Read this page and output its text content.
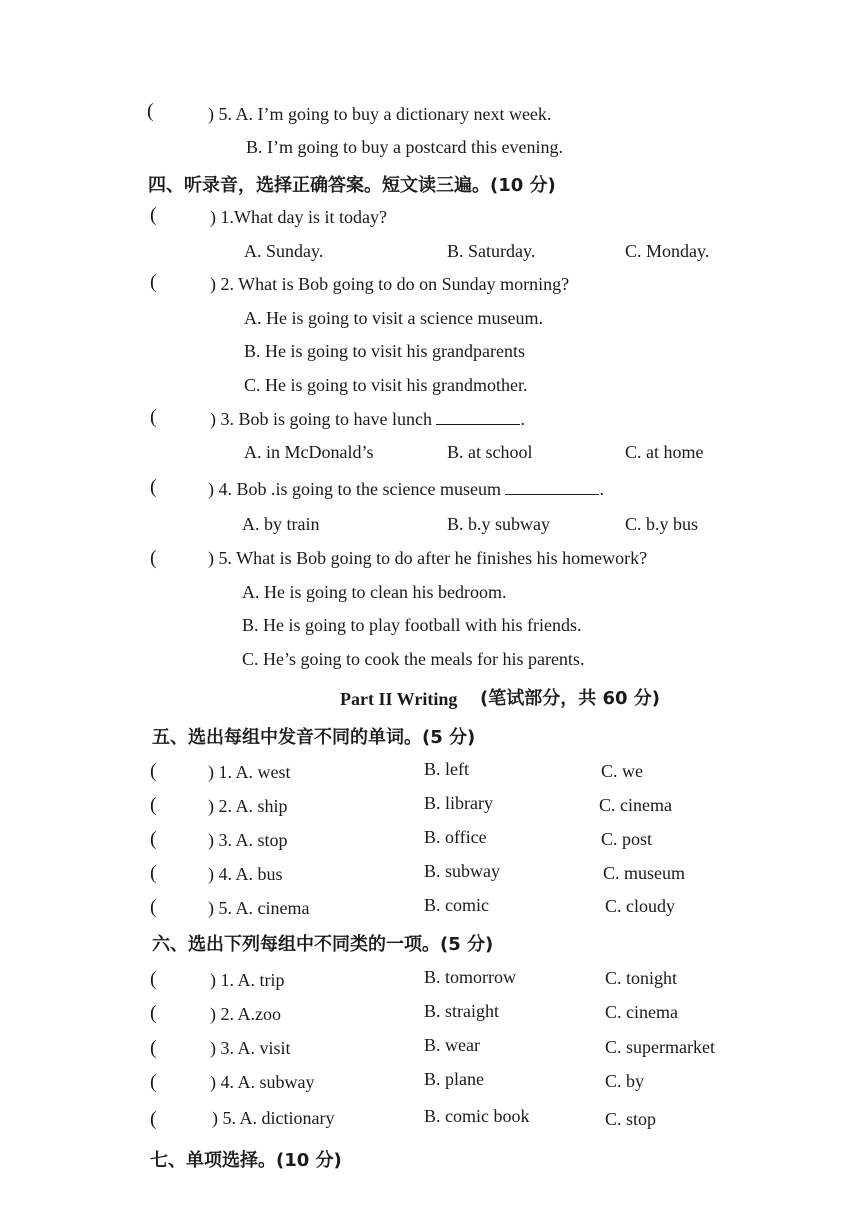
(	) 5. A. I’m going to buy a dictionary next week.
B. I’m going to buy a postcard this evening.
四、听录音，选择正确答案。短文读三遍。(10 分)
(	) 1.What day is it today?
A. Sunday.	B. Saturday.	C. Monday.
(	) 2. What is Bob going to do on Sunday morning?
A. He is going to visit a science museum.
B. He is going to visit his grandparents
C. He is going to visit his grandmother.
(	) 3. Bob is going to have lunch	.
A. in McDonald’s	B. at school	C. at home
(	) 4. Bob .is going to the science museum	.
A. by train	B. b.y subway	C. b.y bus
(	) 5. What is Bob going to do after he finishes his homework?
A. He is going to clean his bedroom.
B. He is going to play football with his friends.
C. He’s going to cook the meals for his parents.
Part II Writing (笔试部分，共 60 分)
五、选出每组中发音不同的单词。(5 分)
(	) 1. A. west	B. left	C. we
(	) 2. A. ship	B. library	C. cinema
(	) 3. A. stop	B. office	C. post
(	) 4. A. bus	B. subway	C. museum
(	) 5. A. cinema	B. comic	C. cloudy
六、选出下列每组中不同类的一项。(5 分)
(	) 1. A. trip	B. tomorrow	C. tonight
(	) 2. A.zoo	B. straight	C. cinema
(	) 3. A. visit	B. wear	C. supermarket
(	) 4. A. subway	B. plane	C. by
(	) 5. A. dictionary	B. comic book	C. stop
七、单项选择。(10 分)
